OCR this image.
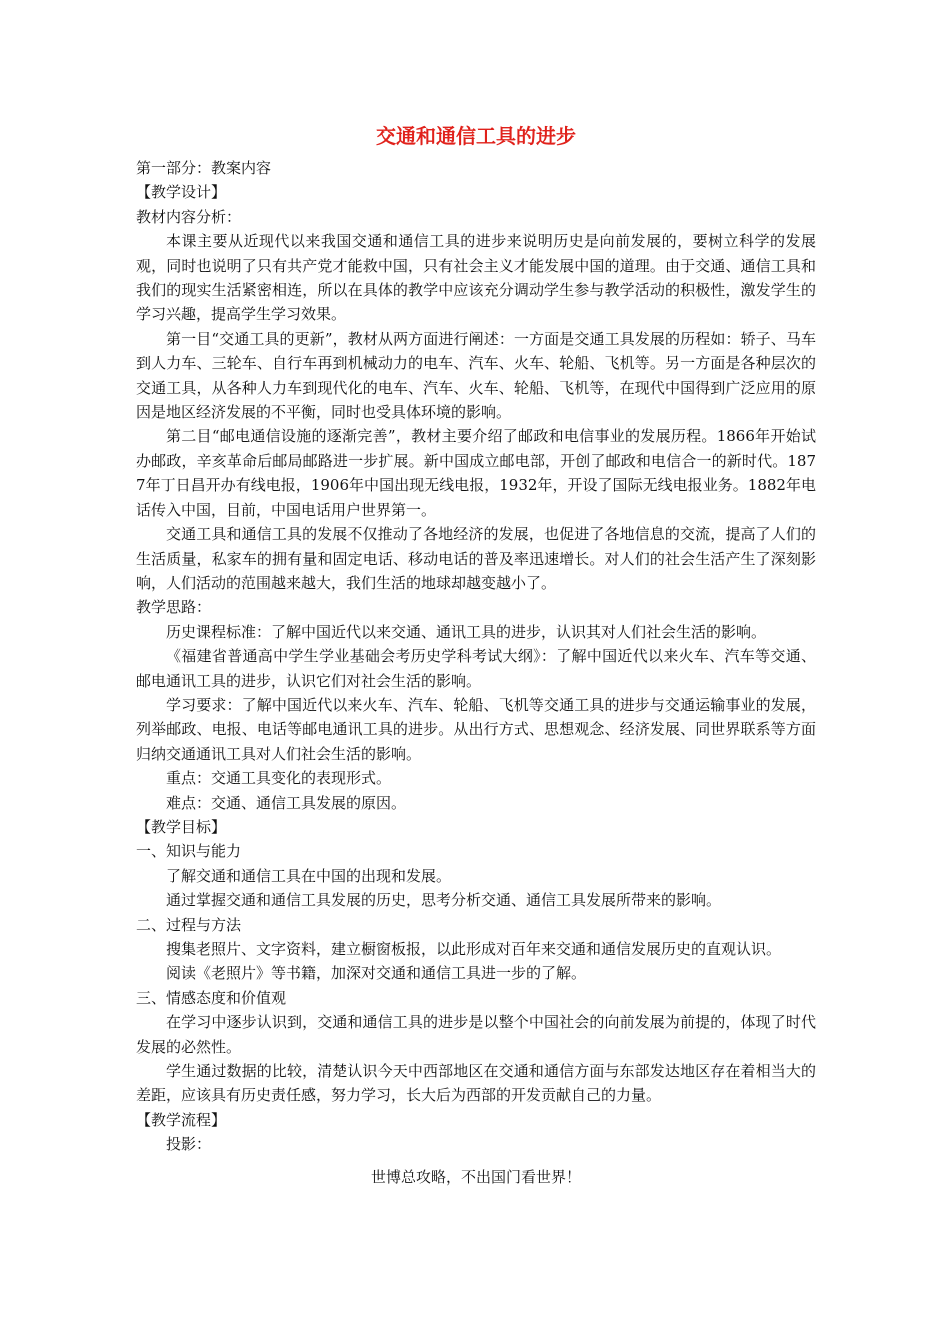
交通和通信工具的进步

第一部分：教案内容

【教学设计】

教材内容分析：

本课主要从近现代以来我国交通和通信工具的进步来说明历史是向前发展的，要树立科学的发展观，同时也说明了只有共产党才能救中国，只有社会主义才能发展中国的道理。由于交通、通信工具和我们的现实生活紧密相连，所以在具体的教学中应该充分调动学生参与教学活动的积极性，激发学生的学习兴趣，提高学生学习效果。

第一目“交通工具的更新”，教材从两方面进行阐述：一方面是交通工具发展的历程如：轿子、马车到人力车、三轮车、自行车再到机械动力的电车、汽车、火车、轮船、飞机等。另一方面是各种层次的交通工具，从各种人力车到现代化的电车、汽车、火车、轮船、飞机等，在现代中国得到广泛应用的原因是地区经济发展的不平衡，同时也受具体环境的影响。

第二目“邮电通信设施的逐渐完善”，教材主要介绍了邮政和电信事业的发展历程。1866年开始试办邮政，辛亥革命后邮局邮路进一步扩展。新中国成立邮电部，开创了邮政和电信合一的新时代。1877年丁日昌开办有线电报，1906年中国出现无线电报，1932年，开设了国际无线电报业务。1882年电话传入中国，目前，中国电话用户世界第一。

交通工具和通信工具的发展不仅推动了各地经济的发展，也促进了各地信息的交流，提高了人们的生活质量，私家车的拥有量和固定电话、移动电话的普及率迅速增长。对人们的社会生活产生了深刻影响，人们活动的范围越来越大，我们生活的地球却越变越小了。

教学思路：

历史课程标准：了解中国近代以来交通、通讯工具的进步，认识其对人们社会生活的影响。

《福建省普通高中学生学业基础会考历史学科考试大纲》：了解中国近代以来火车、汽车等交通、邮电通讯工具的进步，认识它们对社会生活的影响。

学习要求：了解中国近代以来火车、汽车、轮船、飞机等交通工具的进步与交通运输事业的发展，列举邮政、电报、电话等邮电通讯工具的进步。从出行方式、思想观念、经济发展、同世界联系等方面归纳交通通讯工具对人们社会生活的影响。

重点：交通工具变化的表现形式。

难点：交通、通信工具发展的原因。

【教学目标】

一、知识与能力

了解交通和通信工具在中国的出现和发展。

通过掌握交通和通信工具发展的历史，思考分析交通、通信工具发展所带来的影响。

二、过程与方法

搜集老照片、文字资料，建立橱窗板报，以此形成对百年来交通和通信发展历史的直观认识。

阅读《老照片》等书籍，加深对交通和通信工具进一步的了解。

三、情感态度和价值观

在学习中逐步认识到，交通和通信工具的进步是以整个中国社会的向前发展为前提的，体现了时代发展的必然性。

学生通过数据的比较，清楚认识今天中西部地区在交通和通信方面与东部发达地区存在着相当大的差距，应该具有历史责任感，努力学习，长大后为西部的开发贡献自己的力量。

【教学流程】

投影：

世博总攻略，不出国门看世界！
